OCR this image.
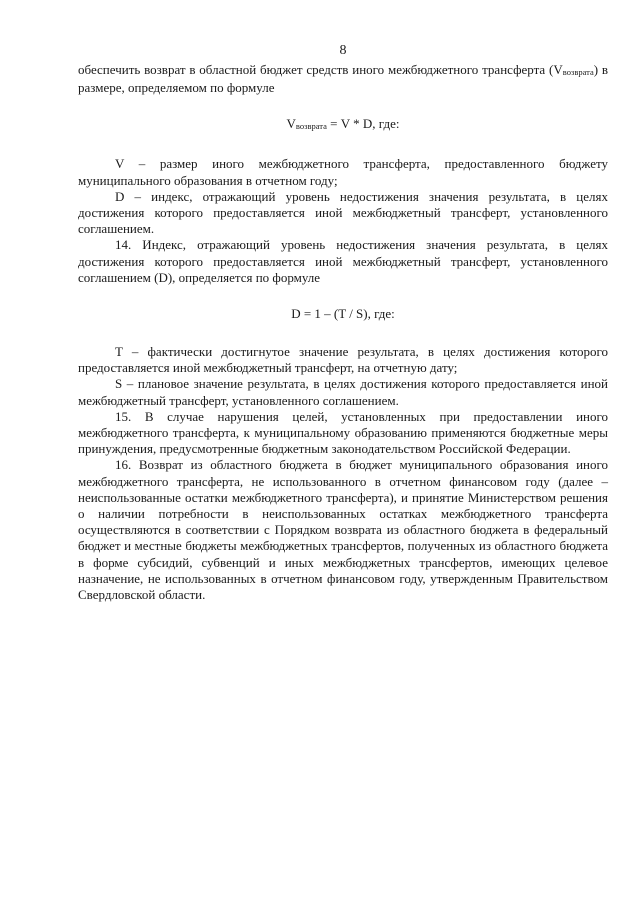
8

обеспечить возврат в областной бюджет средств иного межбюджетного трансферта (Vвозврата) в размере, определяемом по формуле

Vвозврата = V * D, где:

V – размер иного межбюджетного трансферта, предоставленного бюджету муниципального образования в отчетном году;

D – индекс, отражающий уровень недостижения значения результата, в целях достижения которого предоставляется иной межбюджетный трансферт, установленного соглашением.

14. Индекс, отражающий уровень недостижения значения результата, в целях достижения которого предоставляется иной межбюджетный трансферт, установленного соглашением (D), определяется по формуле

D = 1 – (T / S), где:

T – фактически достигнутое значение результата, в целях достижения которого предоставляется иной межбюджетный трансферт, на отчетную дату;

S – плановое значение результата, в целях достижения которого предоставляется иной межбюджетный трансферт, установленного соглашением.

15. В случае нарушения целей, установленных при предоставлении иного межбюджетного трансферта, к муниципальному образованию применяются бюджетные меры принуждения, предусмотренные бюджетным законодательством Российской Федерации.

16. Возврат из областного бюджета в бюджет муниципального образования иного межбюджетного трансферта, не использованного в отчетном финансовом году (далее – неиспользованные остатки межбюджетного трансферта), и принятие Министерством решения о наличии потребности в неиспользованных остатках межбюджетного трансферта осуществляются в соответствии с Порядком возврата из областного бюджета в федеральный бюджет и местные бюджеты межбюджетных трансфертов, полученных из областного бюджета в форме субсидий, субвенций и иных межбюджетных трансфертов, имеющих целевое назначение, не использованных в отчетном финансовом году, утвержденным Правительством Свердловской области.
